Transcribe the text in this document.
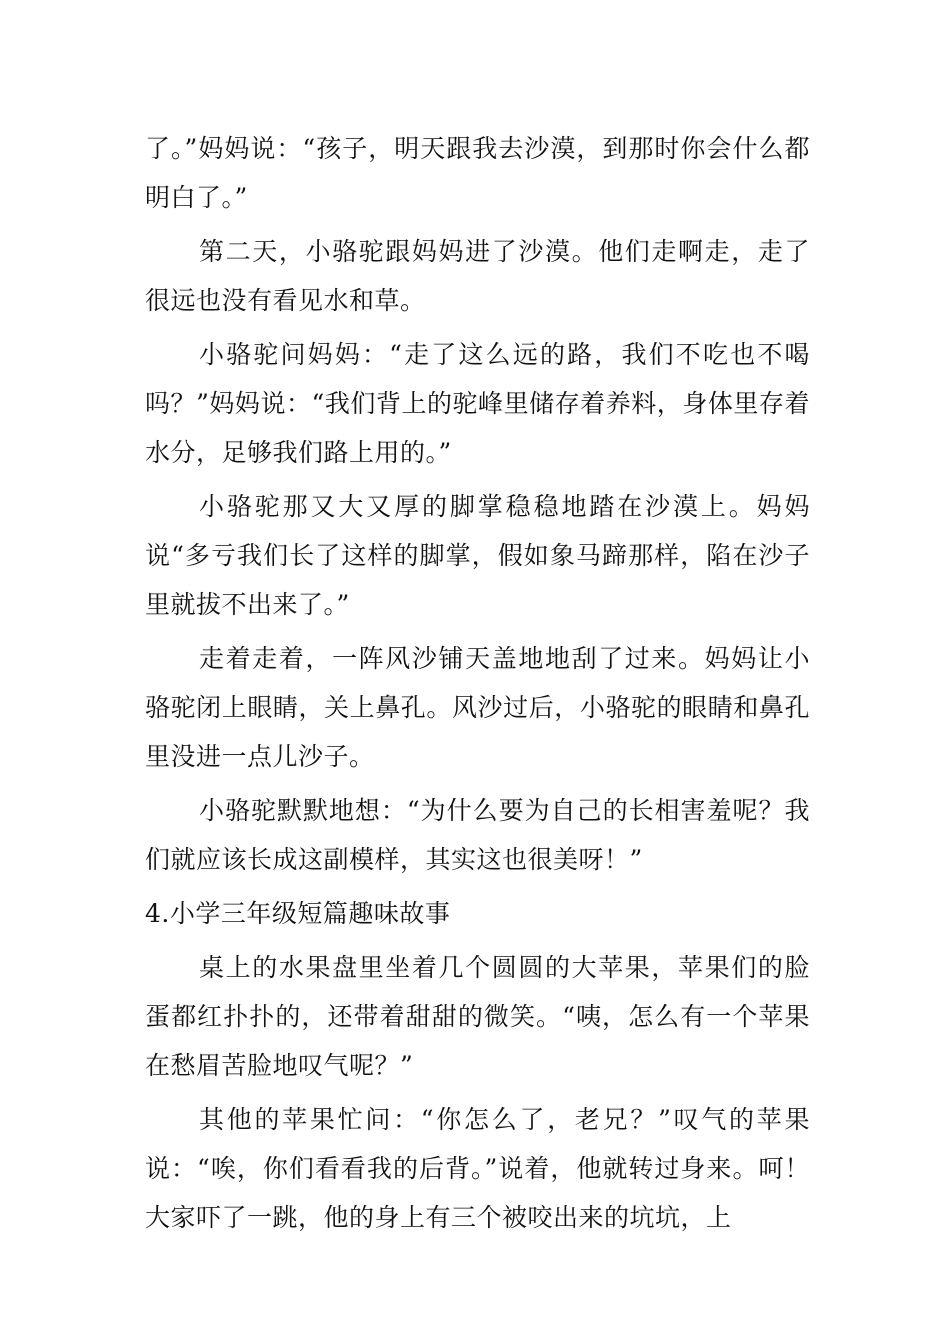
了。”妈妈说：“孩子，明天跟我去沙漠，到那时你会什么都明白了。”

第二天，小骆驼跟妈妈进了沙漠。他们走啊走，走了很远也没有看见水和草。

小骆驼问妈妈：“走了这么远的路，我们不吃也不喝吗？”妈妈说：“我们背上的驼峰里储存着养料，身体里存着水分，足够我们路上用的。”

小骆驼那又大又厚的脚掌稳稳地踏在沙漠上。妈妈说“多亏我们长了这样的脚掌，假如象马蹄那样，陷在沙子里就拔不出来了。”

走着走着，一阵风沙铺天盖地地刮了过来。妈妈让小骆驼闭上眼睛，关上鼻孔。风沙过后，小骆驼的眼睛和鼻孔里没进一点儿沙子。

小骆驼默默地想：“为什么要为自己的长相害羞呢？我们就应该长成这副模样，其实这也很美呀！”

4.小学三年级短篇趣味故事

桌上的水果盘里坐着几个圆圆的大苹果，苹果们的脸蛋都红扑扑的，还带着甜甜的微笑。“咦，怎么有一个苹果在愁眉苦脸地叹气呢？”

其他的苹果忙问：“你怎么了，老兄？”叹气的苹果说：“唉，你们看看我的后背。”说着，他就转过身来。呵！大家吓了一跳，他的身上有三个被咬出来的坑坑，上
